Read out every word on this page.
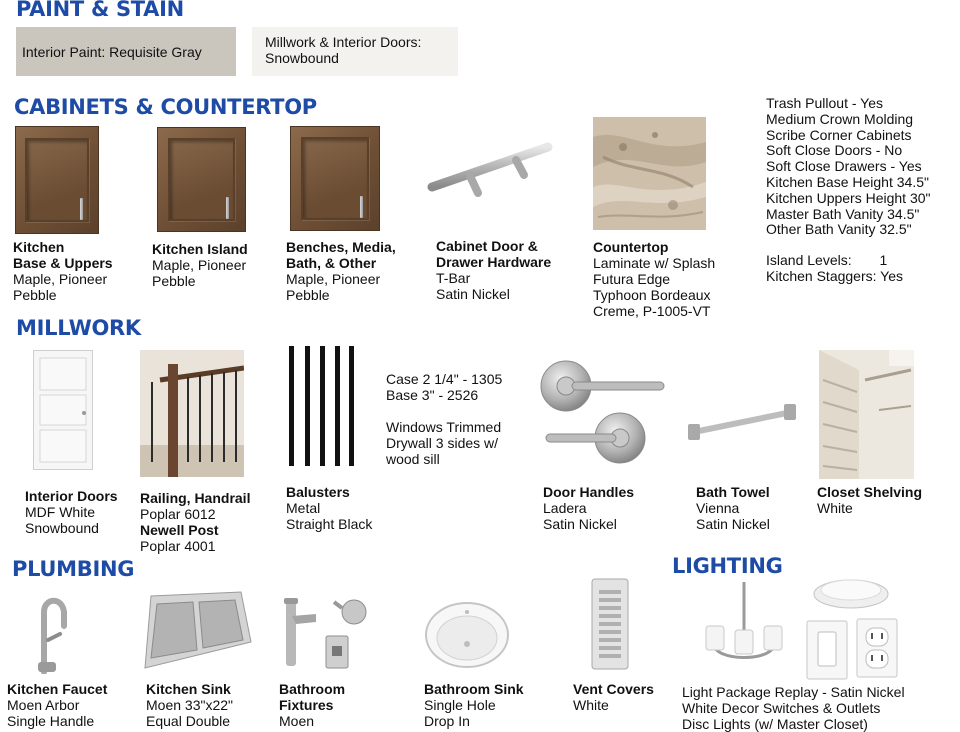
PAINT & STAIN
Interior Paint: Requisite Gray
Millwork & Interior Doors:
Snowbound
CABINETS & COUNTERTOP
Kitchen
Base & Uppers
Maple, Pioneer
Pebble
Kitchen Island
Maple, Pioneer
Pebble
Benches, Media,
Bath, & Other
Maple, Pioneer
Pebble
Cabinet Door &
Drawer Hardware
T-Bar
Satin Nickel
Countertop
Laminate w/ Splash
Futura Edge
Typhoon Bordeaux
Creme, P-1005-VT
Trash Pullout - Yes
Medium Crown Molding
Scribe Corner Cabinets
Soft Close Doors - No
Soft Close Drawers - Yes
Kitchen Base Height 34.5"
Kitchen Uppers Height 30"
Master Bath Vanity 34.5"
Other Bath Vanity 32.5"
Island Levels: 1
Kitchen Staggers: Yes
MILLWORK
Case 2 1/4" - 1305
Base 3" - 2526
Windows Trimmed
Drywall 3 sides w/
wood sill
Interior Doors
MDF White
Snowbound
Railing, Handrail
Poplar 6012
Newell Post
Poplar 4001
Balusters
Metal
Straight Black
Door Handles
Ladera
Satin Nickel
Bath Towel
Vienna
Satin Nickel
Closet Shelving
White
PLUMBING
Kitchen Faucet
Moen Arbor
Single Handle
Kitchen Sink
Moen 33"x22"
Equal Double
Bathroom
Fixtures
Moen
Bathroom Sink
Single Hole
Drop In
Vent Covers
White
LIGHTING
Light Package Replay - Satin Nickel
White Decor Switches & Outlets
Disc Lights (w/ Master Closet)
